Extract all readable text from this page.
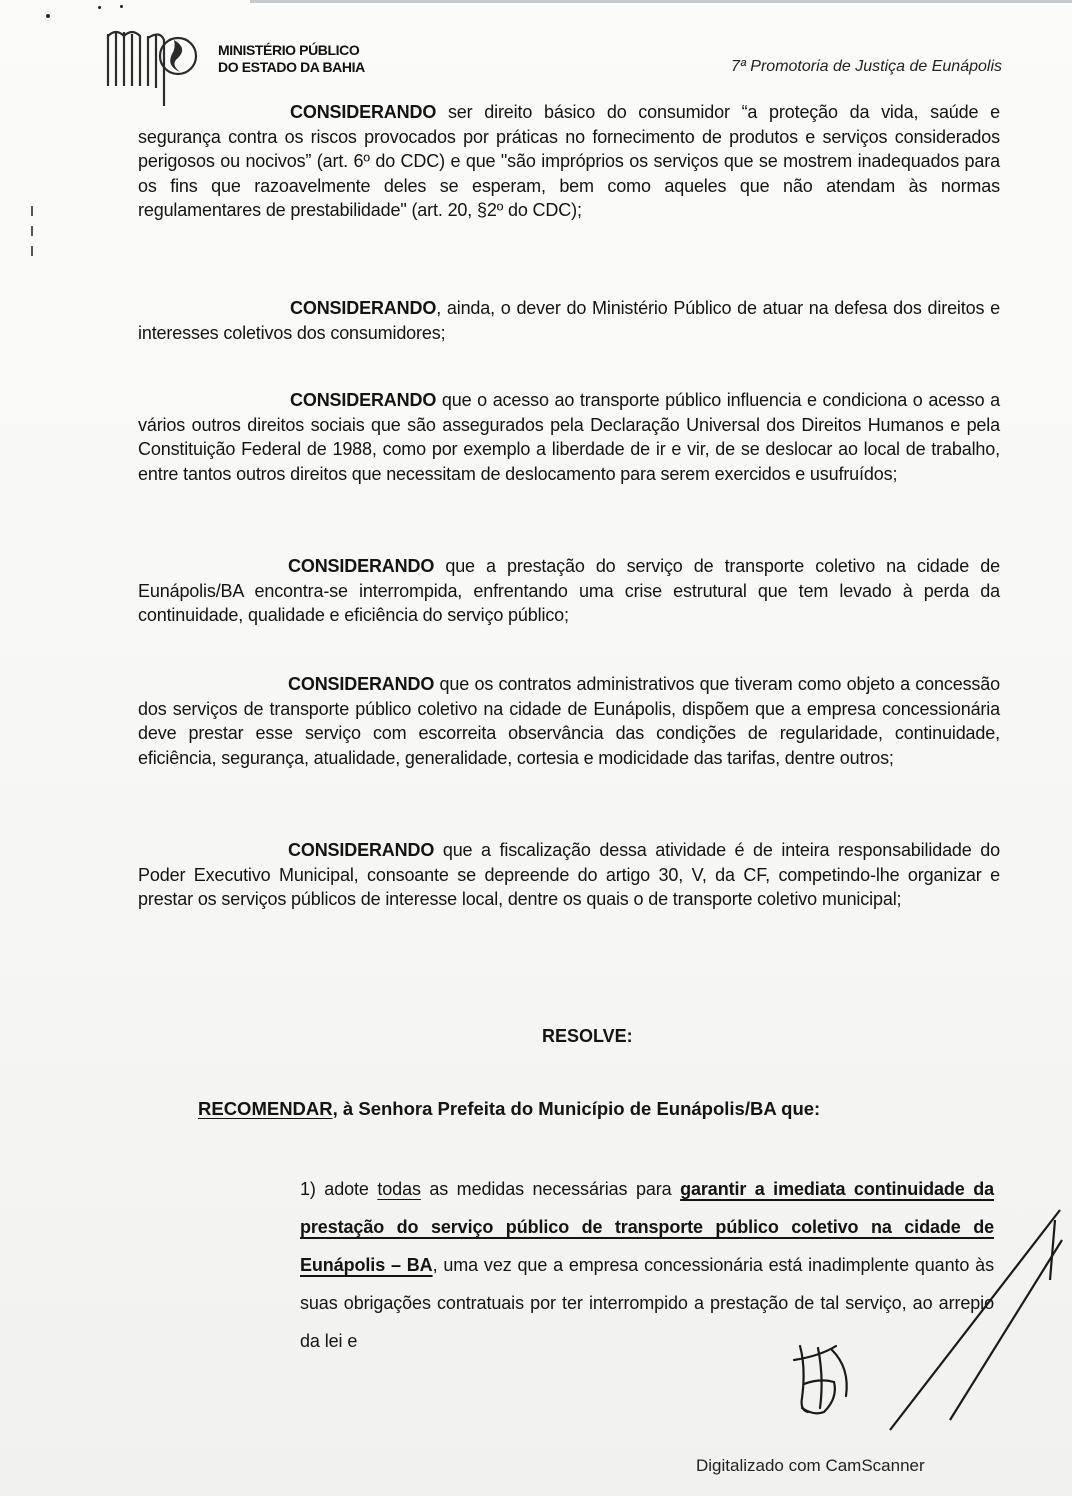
MINISTÉRIO PÚBLICO
DO ESTADO DA BAHIA	7ª Promotoria de Justiça de Eunápolis
CONSIDERANDO ser direito básico do consumidor “a proteção da vida, saúde e segurança contra os riscos provocados por práticas no fornecimento de produtos e serviços considerados perigosos ou nocivos” (art. 6º do CDC) e que "são impróprios os serviços que se mostrem inadequados para os fins que razoavelmente deles se esperam, bem como aqueles que não atendam às normas regulamentares de prestabilidade" (art. 20, §2º do CDC);
CONSIDERANDO, ainda, o dever do Ministério Público de atuar na defesa dos direitos e interesses coletivos dos consumidores;
CONSIDERANDO que o acesso ao transporte público influencia e condiciona o acesso a vários outros direitos sociais que são assegurados pela Declaração Universal dos Direitos Humanos e pela Constituição Federal de 1988, como por exemplo a liberdade de ir e vir, de se deslocar ao local de trabalho, entre tantos outros direitos que necessitam de deslocamento para serem exercidos e usufruídos;
CONSIDERANDO que a prestação do serviço de transporte coletivo na cidade de Eunápolis/BA encontra-se interrompida, enfrentando uma crise estrutural que tem levado à perda da continuidade, qualidade e eficiência do serviço público;
CONSIDERANDO que os contratos administrativos que tiveram como objeto a concessão dos serviços de transporte público coletivo na cidade de Eunápolis, dispõem que a empresa concessionária deve prestar esse serviço com escorreita observância das condições de regularidade, continuidade, eficiência, segurança, atualidade, generalidade, cortesia e modicidade das tarifas, dentre outros;
CONSIDERANDO que a fiscalização dessa atividade é de inteira responsabilidade do Poder Executivo Municipal, consoante se depreende do artigo 30, V, da CF, competindo-lhe organizar e prestar os serviços públicos de interesse local, dentre os quais o de transporte coletivo municipal;
RESOLVE:
RECOMENDAR, à Senhora Prefeita do Município de Eunápolis/BA que:
1) adote todas as medidas necessárias para garantir a imediata continuidade da prestação do serviço público de transporte público coletivo na cidade de Eunápolis – BA, uma vez que a empresa concessionária está inadimplente quanto às suas obrigações contratuais por ter interrompido a prestação de tal serviço, ao arrepio da lei e
Digitalizado com CamScanner
